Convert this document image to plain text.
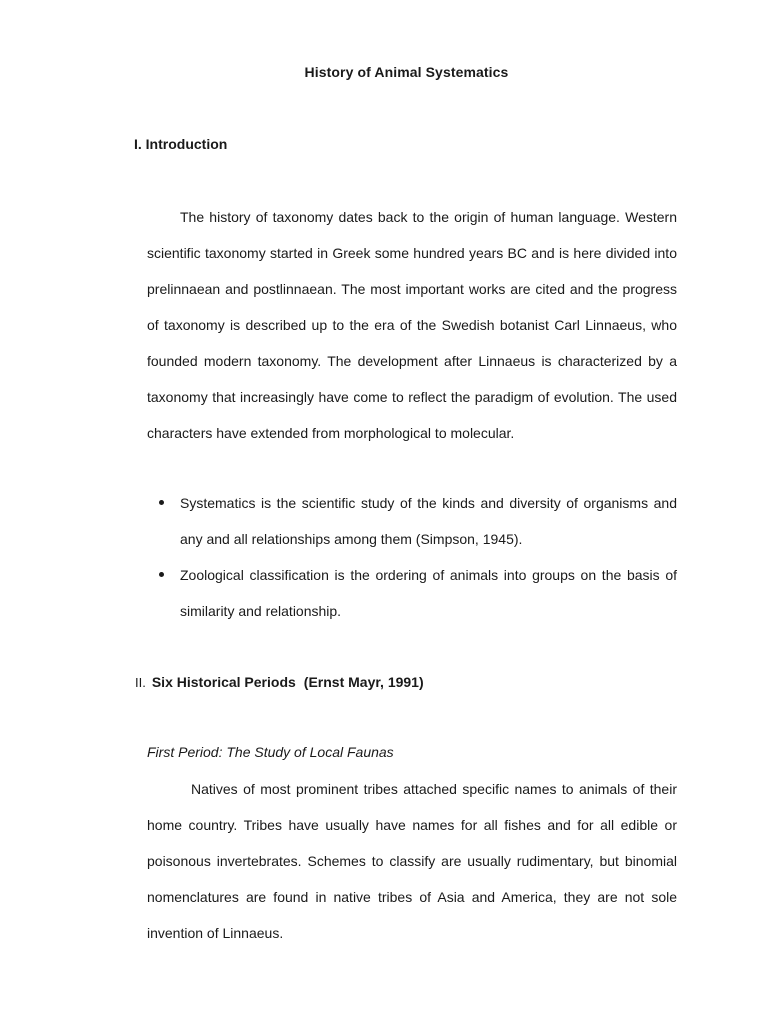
History of Animal Systematics
I. Introduction

The history of taxonomy dates back to the origin of human language. Western scientific taxonomy started in Greek some hundred years BC and is here divided into prelinnaean and postlinnaean. The most important works are cited and the progress of taxonomy is described up to the era of the Swedish botanist Carl Linnaeus, who founded modern taxonomy. The development after Linnaeus is characterized by a taxonomy that increasingly have come to reflect the paradigm of evolution. The used characters have extended from morphological to molecular.

Systematics is the scientific study of the kinds and diversity of organisms and any and all relationships among them (Simpson, 1945).
Zoological classification is the ordering of animals into groups on the basis of similarity and relationship.
II. Six Historical Periods (Ernst Mayr, 1991)
First Period: The Study of Local Faunas

Natives of most prominent tribes attached specific names to animals of their home country. Tribes have usually have names for all fishes and for all edible or poisonous invertebrates. Schemes to classify are usually rudimentary, but binomial nomenclatures are found in native tribes of Asia and America, they are not sole invention of Linnaeus.
